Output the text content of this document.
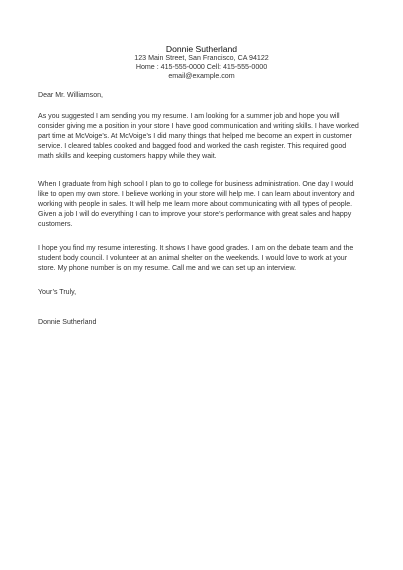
Donnie Sutherland
123 Main Street, San Francisco, CA 94122
Home : 415-555-0000 Cell: 415-555-0000
email@example.com

Dear Mr. Williamson,

As you suggested I am sending you my resume. I am looking for a summer job and hope you will
consider giving me a position in your store I have good communication and writing skills. I have worked
part time at McVoige’s. At McVoige’s I did many things that helped me become an expert in customer
service. I cleared tables cooked and bagged food and worked the cash register. This required good
math skills and keeping customers happy while they wait.

When I graduate from high school I plan to go to college for business administration. One day I would
like to open my own store. I believe working in your store will help me. I can learn about inventory and
working with people in sales. It will help me learn more about communicating with all types of people.
Given a job I will do everything I can to improve your store’s performance with great sales and happy
customers.

I hope you find my resume interesting. It shows I have good grades. I am on the debate team and the
student body council. I volunteer at an animal shelter on the weekends. I would love to work at your
store. My phone number is on my resume. Call me and we can set up an interview.

Your’s Truly,

Donnie Sutherland
